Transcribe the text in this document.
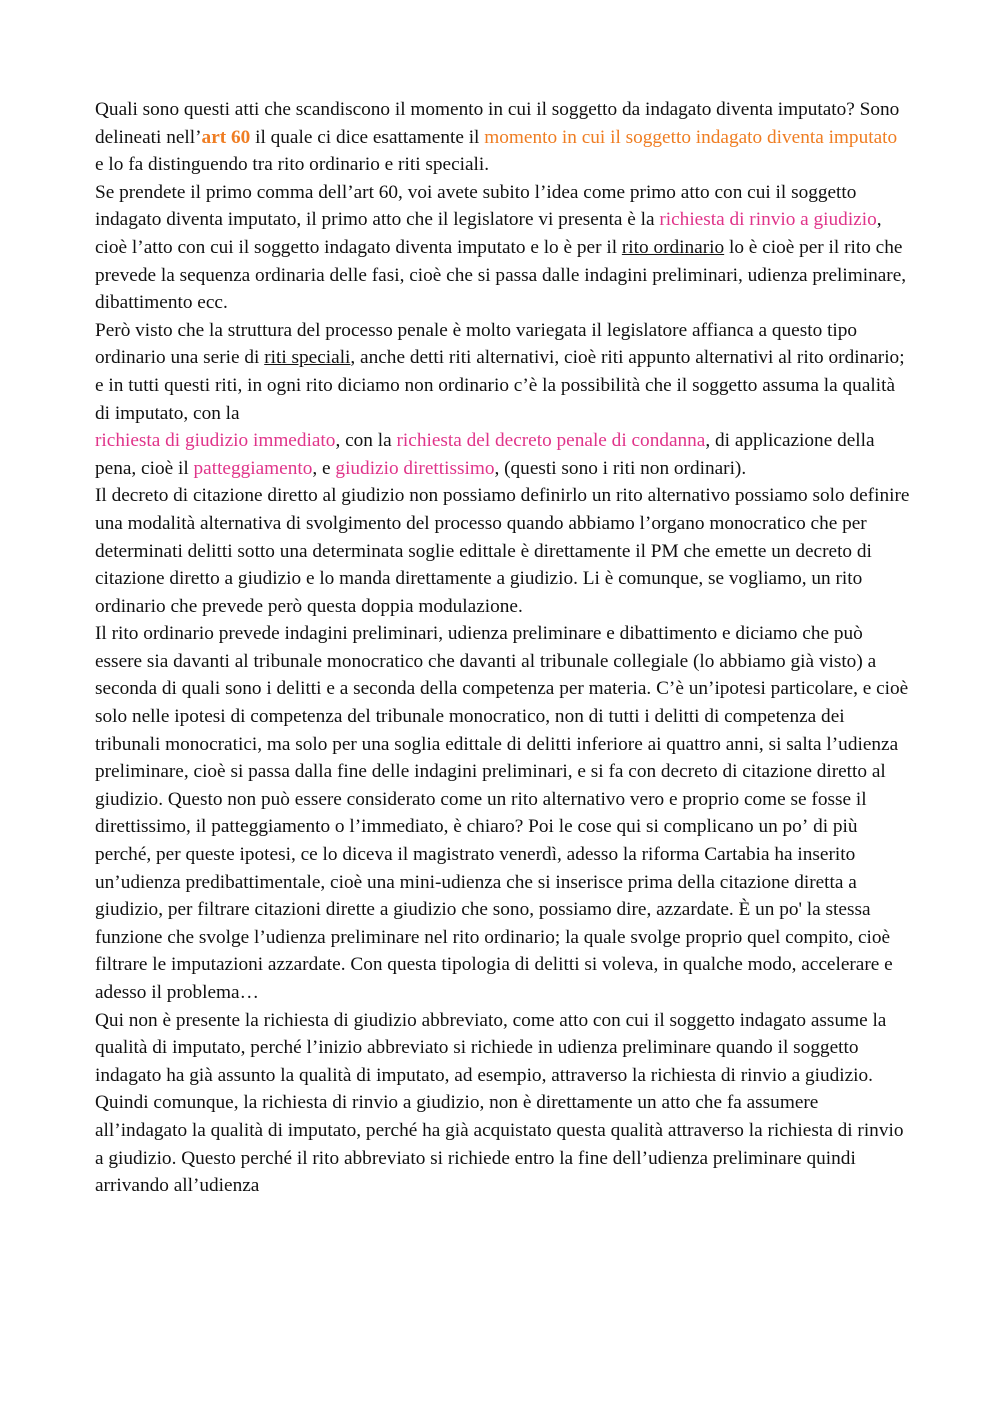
Quali sono questi atti che scandiscono il momento in cui il soggetto da indagato diventa imputato? Sono delineati nellʼart 60 il quale ci dice esattamente il momento in cui il soggetto indagato diventa imputato e lo fa distinguendo tra rito ordinario e riti speciali.

Se prendete il primo comma dellʼart 60, voi avete subito lʼidea come primo atto con cui il soggetto indagato diventa imputato, il primo atto che il legislatore vi presenta è la richiesta di rinvio a giudizio, cioè lʼatto con cui il soggetto indagato diventa imputato e lo è per il rito ordinario lo è cioè per il rito che prevede la sequenza ordinaria delle fasi, cioè che si passa dalle indagini preliminari, udienza preliminare, dibattimento ecc.

Però visto che la struttura del processo penale è molto variegata il legislatore affianca a questo tipo ordinario una serie di riti speciali, anche detti riti alternativi, cioè riti appunto alternativi al rito ordinario; e in tutti questi riti, in ogni rito diciamo non ordinario c’è la possibilità che il soggetto assuma la qualità di imputato, con la
richiesta di giudizio immediato, con la richiesta del decreto penale di condanna, di applicazione della pena, cioè il patteggiamento, e giudizio direttissimo, (questi sono i riti non ordinari).

Il decreto di citazione diretto al giudizio non possiamo definirlo un rito alternativo possiamo solo definire una modalità alternativa di svolgimento del processo quando abbiamo lʼorgano monocratico che per determinati delitti sotto una determinata soglie edittale è direttamente il PM che emette un decreto di citazione diretto a giudizio e lo manda direttamente a giudizio. Li è comunque, se vogliamo, un rito ordinario che prevede però questa doppia modulazione.

Il rito ordinario prevede indagini preliminari, udienza preliminare e dibattimento e diciamo che può essere sia davanti al tribunale monocratico che davanti al tribunale collegiale (lo abbiamo già visto) a seconda di quali sono i delitti e a seconda della competenza per materia. C’è unʼipotesi particolare, e cioè solo nelle ipotesi di competenza del tribunale monocratico, non di tutti i delitti di competenza dei tribunali monocratici, ma solo per una soglia edittale di delitti inferiore ai quattro anni, si salta lʼudienza preliminare, cioè si passa dalla fine delle indagini preliminari, e si fa con decreto di citazione diretto al giudizio. Questo non può essere considerato come un rito alternativo vero e proprio come se fosse il direttissimo, il patteggiamento o lʼimmediato, è chiaro? Poi le cose qui si complicano un poʼ di più perché, per queste ipotesi, ce lo diceva il magistrato venerdì, adesso la riforma Cartabia ha inserito unʼudienza predibattimentale, cioè una mini-udienza che si inserisce prima della citazione diretta a giudizio, per filtrare citazioni dirette a giudizio che sono, possiamo dire, azzardate. È un po' la stessa funzione che svolge lʼudienza preliminare nel rito ordinario; la quale svolge proprio quel compito, cioè filtrare le imputazioni azzardate. Con questa tipologia di delitti si voleva, in qualche modo, accelerare e adesso il problema…

Qui non è presente la richiesta di giudizio abbreviato, come atto con cui il soggetto indagato assume la qualità di imputato, perché lʼinizio abbreviato si richiede in udienza preliminare quando il soggetto indagato ha già assunto la qualità di imputato, ad esempio, attraverso la richiesta di rinvio a giudizio. Quindi comunque, la richiesta di rinvio a giudizio, non è direttamente un atto che fa assumere allʼindagato la qualità di imputato, perché ha già acquistato questa qualità attraverso la richiesta di rinvio a giudizio. Questo perché il rito abbreviato si richiede entro la fine dellʼudienza preliminare quindi arrivando allʼudienza
